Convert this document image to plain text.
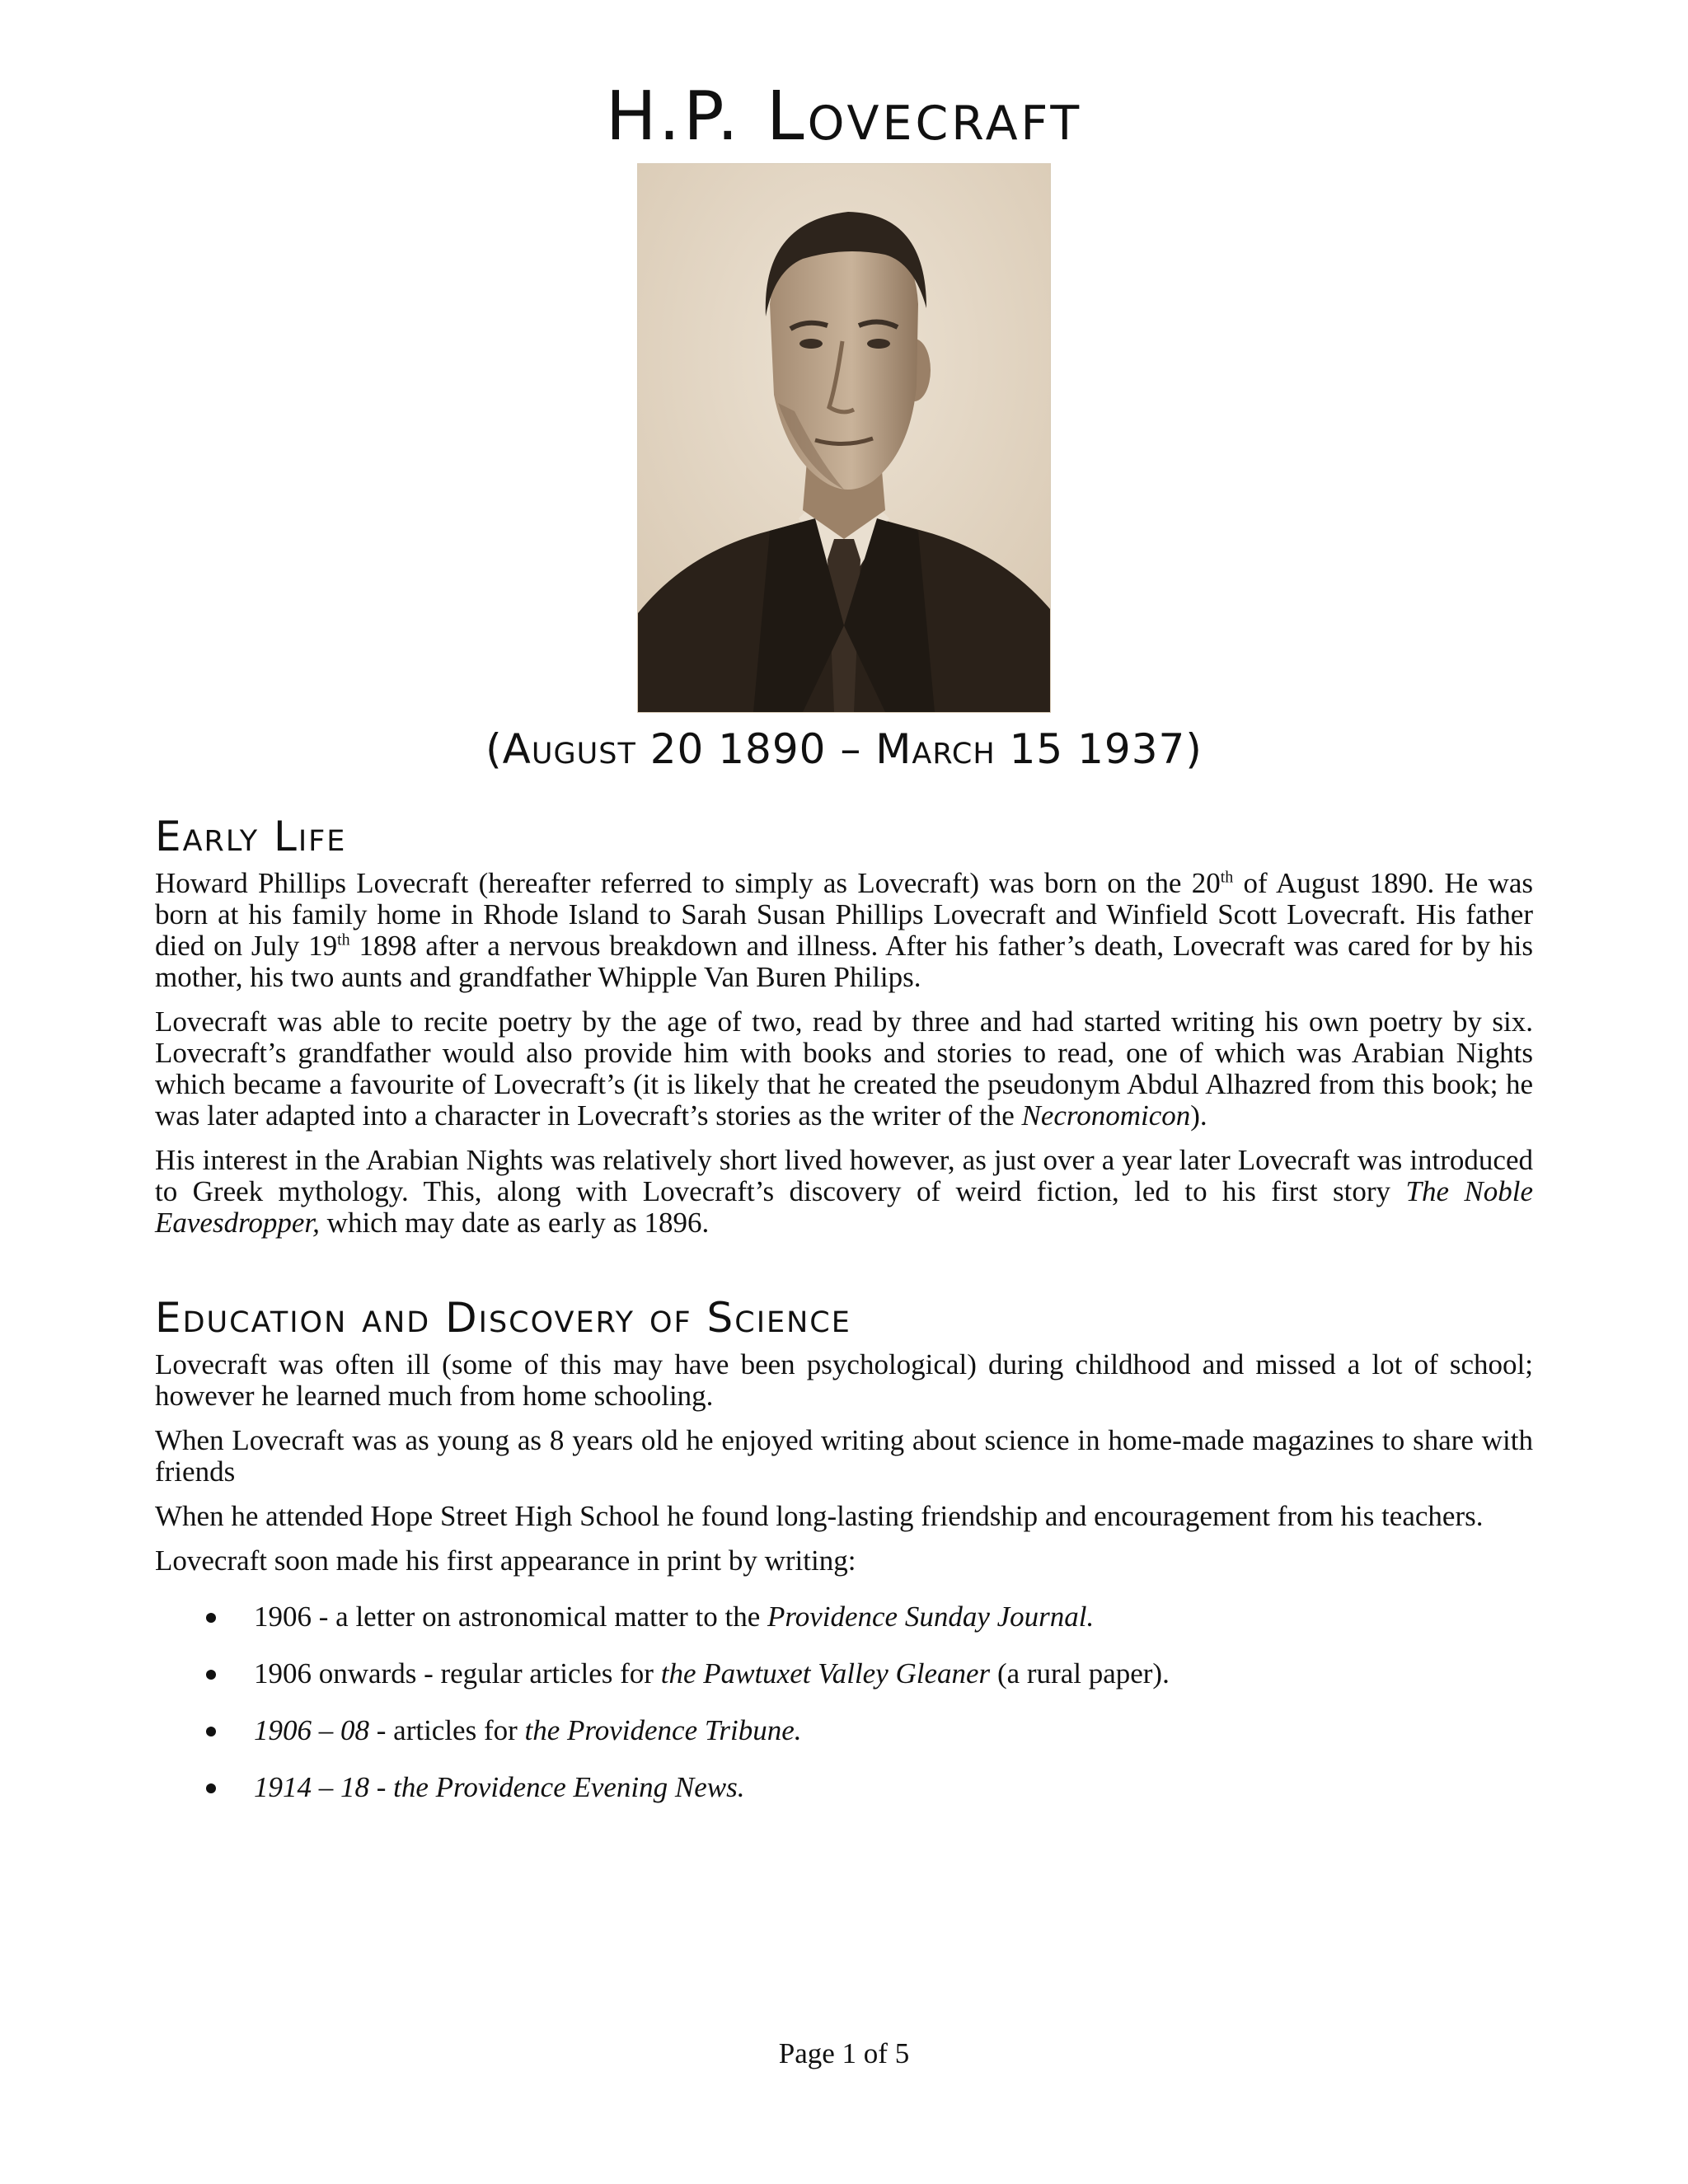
H.P. Lovecraft
(August 20 1890 – March 15 1937)
Early Life

Howard Phillips Lovecraft (hereafter referred to simply as Lovecraft) was born on the 20th of August 1890. He was born at his family home in Rhode Island to Sarah Susan Phillips Lovecraft and Winfield Scott Lovecraft. His father died on July 19th 1898 after a nervous breakdown and illness. After his father’s death, Lovecraft was cared for by his mother, his two aunts and grandfather Whipple Van Buren Philips.

Lovecraft was able to recite poetry by the age of two, read by three and had started writing his own poetry by six. Lovecraft’s grandfather would also provide him with books and stories to read, one of which was Arabian Nights which became a favourite of Lovecraft’s (it is likely that he created the pseudonym Abdul Alhazred from this book; he was later adapted into a character in Lovecraft’s stories as the writer of the Necronomicon).

His interest in the Arabian Nights was relatively short lived however, as just over a year later Lovecraft was introduced to Greek mythology. This, along with Lovecraft’s discovery of weird fiction, led to his first story The Noble Eavesdropper, which may date as early as 1896.

Education and Discovery of Science

Lovecraft was often ill (some of this may have been psychological) during childhood and missed a lot of school; however he learned much from home schooling.

When Lovecraft was as young as 8 years old he enjoyed writing about science in home-made magazines to share with friends

When he attended Hope Street High School he found long-lasting friendship and encouragement from his teachers.

Lovecraft soon made his first appearance in print by writing:

1906 - a letter on astronomical matter to the Providence Sunday Journal.
1906 onwards - regular articles for the Pawtuxet Valley Gleaner (a rural paper).
1906 – 08 - articles for the Providence Tribune.
1914 – 18 - the Providence Evening News.
Page 1 of 5
